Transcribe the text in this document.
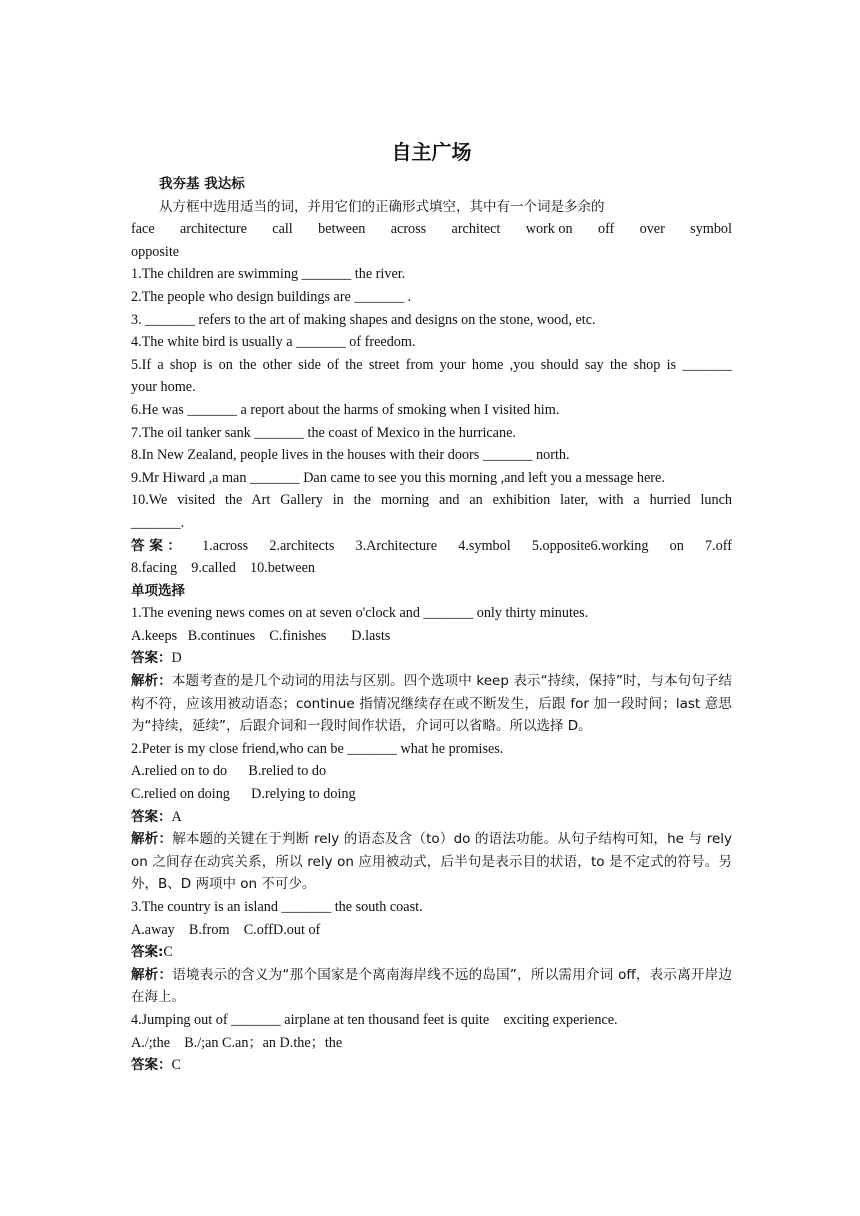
自主广场
我夯基 我达标
从方框中选用适当的词，并用它们的正确形式填空，其中有一个词是多余的
face architecture call between across architect work on off over symbol
opposite
1.The children are swimming _______ the river.
2.The people who design buildings are _______ .
3. _______ refers to the art of making shapes and designs on the stone, wood, etc.
4.The white bird is usually a _______ of freedom.
5.If a shop is on the other side of the street from your home ,you should say the shop is _______
your home.
6.He was _______ a report about the harms of smoking when I visited him.
7.The oil tanker sank _______ the coast of Mexico in the hurricane.
8.In New Zealand, people lives in the houses with their doors _______ north.
9.Mr Hiward ,a man _______ Dan came to see you this morning ,and left you a message here.
10.We visited the Art Gallery in the morning and an exhibition later, with a hurried lunch
_______.
答 案 ： 1.across 2.architects 3.Architecture 4.symbol 5.opposite6.working on 7.off
8.facing    9.called    10.between
单项选择
1.The evening news comes on at seven o'clock and _______ only thirty minutes.
A.keeps   B.continues    C.finishes       D.lasts
答案：D
解析：本题考查的是几个动词的用法与区别。四个选项中 keep 表示“持续，保持”时，与本句句子结构不符，应该用被动语态；continue 指情况继续存在或不断发生，后跟 for 加一段时间；last 意思为“持续，延续”，后跟介词和一段时间作状语，介词可以省略。所以选择 D。
2.Peter is my close friend,who can be _______ what he promises.
A.relied on to do      B.relied to do
C.relied on doing      D.relying to doing
答案：A
解析：解本题的关键在于判断 rely 的语态及含（to）do 的语法功能。从句子结构可知，he 与 rely on 之间存在动宾关系，所以 rely on 应用被动式，后半句是表示目的状语，to 是不定式的符号。另外，B、D 两项中 on 不可少。
3.The country is an island _______ the south coast.
A.away    B.from    C.offD.out of
答案:C
解析：语境表示的含义为“那个国家是个离南海岸线不远的岛国”，所以需用介词 off，表示离开岸边在海上。
4.Jumping out of _______ airplane at ten thousand feet is quite    exciting experience.
A./;the    B./;an C.an；an D.the；the
答案：C
